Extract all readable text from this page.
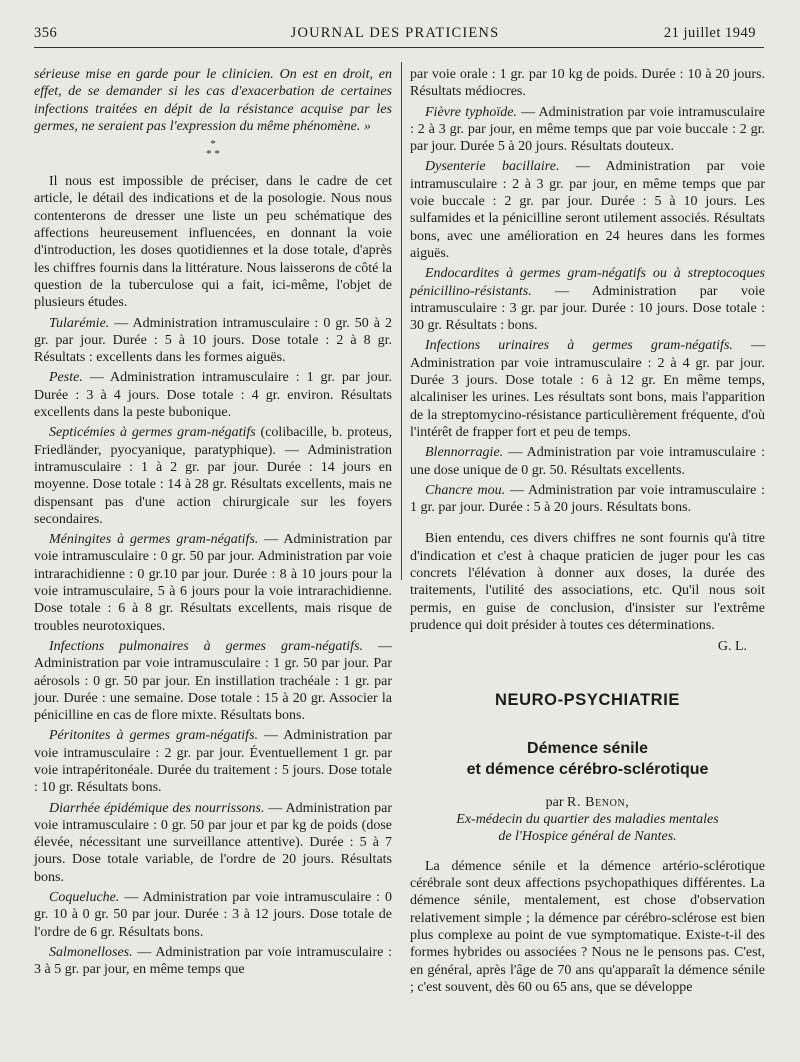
356	JOURNAL DES PRATICIENS	21 juillet 1949

sérieuse mise en garde pour le clinicien. On est en droit, en effet, de se demander si les cas d'exacerbation de certaines infections traitées en dépit de la résistance acquise par les germes, ne seraient pas l'expression du même phénomène. »

*
* *

Il nous est impossible de préciser, dans le cadre de cet article, le détail des indications et de la posologie. Nous nous contenterons de dresser une liste un peu schématique des affections heureusement influencées, en donnant la voie d'introduction, les doses quotidiennes et la dose totale, d'après les chiffres fournis dans la littérature. Nous laisserons de côté la question de la tuberculose qui a fait, ici-même, l'objet de plusieurs études.

Tularémie. — Administration intramusculaire : 0 gr. 50 à 2 gr. par jour. Durée : 5 à 10 jours. Dose totale : 2 à 8 gr. Résultats : excellents dans les formes aiguës.

Peste. — Administration intramusculaire : 1 gr. par jour. Durée : 3 à 4 jours. Dose totale : 4 gr. environ. Résultats excellents dans la peste bubonique.

Septicémies à germes gram-négatifs (colibacille, b. proteus, Friedländer, pyocyanique, paratyphique). — Administration intramusculaire : 1 à 2 gr. par jour. Durée : 14 jours en moyenne. Dose totale : 14 à 28 gr. Résultats excellents, mais ne dispensant pas d'une action chirurgicale sur les foyers secondaires.

Méningites à germes gram-négatifs. — Administration par voie intramusculaire : 0 gr. 50 par jour. Administration par voie intrarachidienne : 0 gr.10 par jour. Durée : 8 à 10 jours pour la voie intramusculaire, 5 à 6 jours pour la voie intrarachidienne. Dose totale : 6 à 8 gr. Résultats excellents, mais risque de troubles neurotoxiques.

Infections pulmonaires à germes gram-négatifs. — Administration par voie intramusculaire : 1 gr. 50 par jour. Par aérosols : 0 gr. 50 par jour. En instillation trachéale : 1 gr. par jour. Durée : une semaine. Dose totale : 15 à 20 gr. Associer la pénicilline en cas de flore mixte. Résultats bons.

Péritonites à germes gram-négatifs. — Administration par voie intramusculaire : 2 gr. par jour. Éventuellement 1 gr. par voie intrapéritonéale. Durée du traitement : 5 jours. Dose totale : 10 gr. Résultats bons.

Diarrhée épidémique des nourrissons. — Administration par voie intramusculaire : 0 gr. 50 par jour et par kg de poids (dose élevée, nécessitant une surveillance attentive). Durée : 5 à 7 jours. Dose totale variable, de l'ordre de 20 jours. Résultats bons.

Coqueluche. — Administration par voie intramusculaire : 0 gr. 10 à 0 gr. 50 par jour. Durée : 3 à 12 jours. Dose totale de l'ordre de 6 gr. Résultats bons.

Salmonelloses. — Administration par voie intramusculaire : 3 à 5 gr. par jour, en même temps que

par voie orale : 1 gr. par 10 kg de poids. Durée : 10 à 20 jours. Résultats médiocres.

Fièvre typhoïde. — Administration par voie intramusculaire : 2 à 3 gr. par jour, en même temps que par voie buccale : 2 gr. par jour. Durée 5 à 20 jours. Résultats douteux.

Dysenterie bacillaire. — Administration par voie intramusculaire : 2 à 3 gr. par jour, en même temps que par voie buccale : 2 gr. par jour. Durée : 5 à 10 jours. Les sulfamides et la pénicilline seront utilement associés. Résultats bons, avec une amélioration en 24 heures dans les formes aiguës.

Endocardites à germes gram-négatifs ou à streptocoques pénicillino-résistants. — Administration par voie intramusculaire : 3 gr. par jour. Durée : 10 jours. Dose totale : 30 gr. Résultats : bons.

Infections urinaires à germes gram-négatifs. — Administration par voie intramusculaire : 2 à 4 gr. par jour. Durée 3 jours. Dose totale : 6 à 12 gr. En même temps, alcaliniser les urines. Les résultats sont bons, mais l'apparition de la streptomycino-résistance particulièrement fréquente, d'où l'intérêt de frapper fort et peu de temps.

Blennorragie. — Administration par voie intramusculaire : une dose unique de 0 gr. 50. Résultats excellents.

Chancre mou. — Administration par voie intramusculaire : 1 gr. par jour. Durée : 5 à 20 jours. Résultats bons.

Bien entendu, ces divers chiffres ne sont fournis qu'à titre d'indication et c'est à chaque praticien de juger pour les cas concrets l'élévation à donner aux doses, la durée des traitements, l'utilité des associations, etc. Qu'il nous soit permis, en guise de conclusion, d'insister sur l'extrême prudence qui doit présider à toutes ces déterminations.

G. L.
NEURO-PSYCHIATRIE
Démence sénile
et démence cérébro-sclérotique
par R. Benon,
Ex-médecin du quartier des maladies mentales
de l'Hospice général de Nantes.

La démence sénile et la démence artério-sclérotique cérébrale sont deux affections psychopathiques différentes. La démence sénile, mentalement, est chose d'observation relativement simple ; la démence par cérébro-sclérose est bien plus complexe au point de vue symptomatique. Existe-t-il des formes hybrides ou associées ? Nous ne le pensons pas. C'est, en général, après l'âge de 70 ans qu'apparaît la démence sénile ; c'est souvent, dès 60 ou 65 ans, que se développe
